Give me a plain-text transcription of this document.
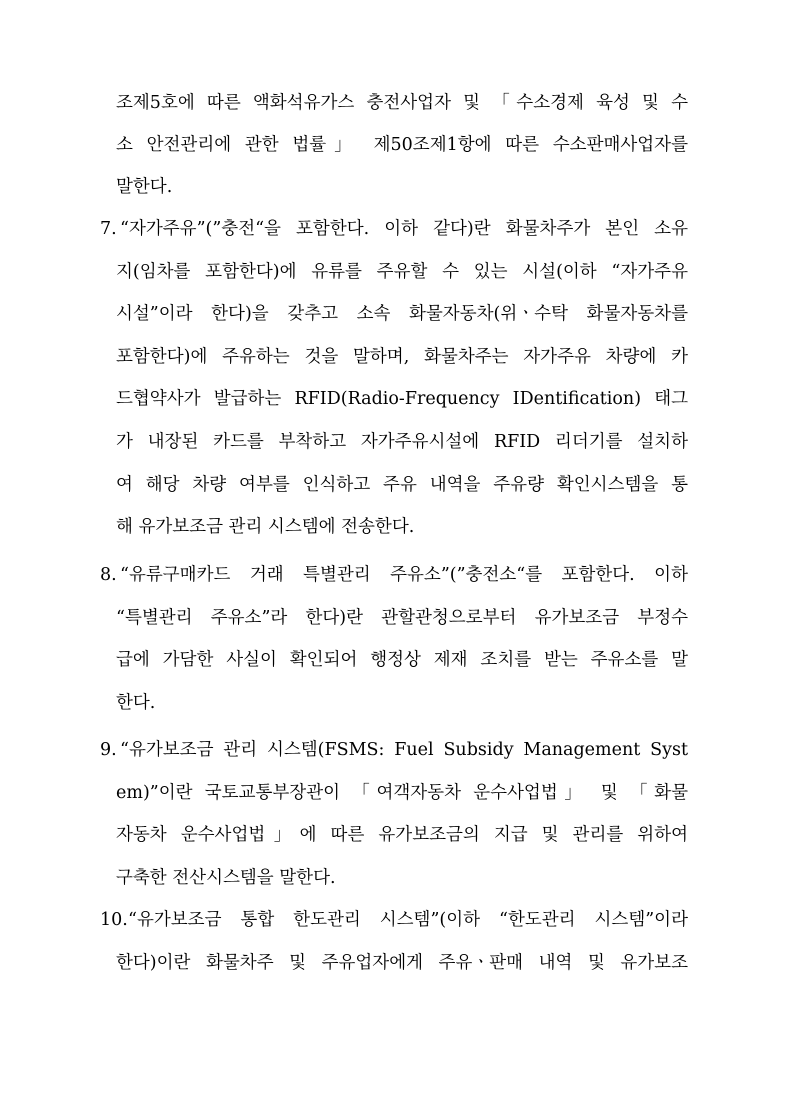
조제5호에 따른 액화석유가스 충전사업자 및 「수소경제 육성 및 수
소 안전관리에 관한 법률」 제50조제1항에 따른 수소판매사업자를
말한다.
7. “자가주유”(”충전“을 포함한다. 이하 같다)란 화물차주가 본인 소유
지(임차를 포함한다)에 유류를 주유할 수 있는 시설(이하 “자가주유
시설”이라 한다)을 갖추고 소속 화물자동차(위ㆍ수탁 화물자동차를
포함한다)에 주유하는 것을 말하며, 화물차주는 자가주유 차량에 카
드협약사가 발급하는 RFID(Radio-Frequency IDentification) 태그
가 내장된 카드를 부착하고 자가주유시설에 RFID 리더기를 설치하
여 해당 차량 여부를 인식하고 주유 내역을 주유량 확인시스템을 통
해 유가보조금 관리 시스템에 전송한다.
8. “유류구매카드 거래 특별관리 주유소”(”충전소“를 포함한다. 이하
“특별관리 주유소”라 한다)란 관할관청으로부터 유가보조금 부정수
급에 가담한 사실이 확인되어 행정상 제재 조치를 받는 주유소를 말
한다.
9. “유가보조금 관리 시스템(FSMS: Fuel Subsidy Management Syst
em)”이란 국토교통부장관이 「여객자동차 운수사업법」 및 「화물
자동차 운수사업법」에 따른 유가보조금의 지급 및 관리를 위하여
구축한 전산시스템을 말한다.
10. “유가보조금 통합 한도관리 시스템”(이하 “한도관리 시스템”이라
한다)이란 화물차주 및 주유업자에게 주유ㆍ판매 내역 및 유가보조
